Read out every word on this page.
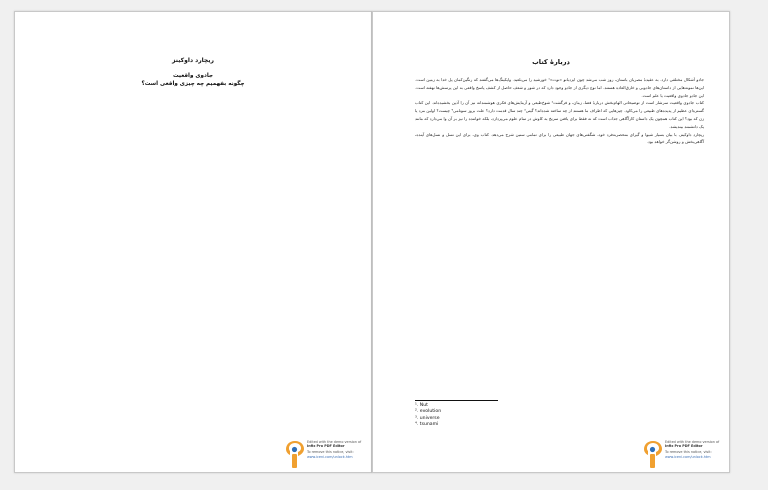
ریچارد داوکینز
جادوی واقعیت
چگونه بفهمیم چه چیزی واقعی است؟
Edited with the demo version of
Infix Pro PDF Editor
To remove this notice, visit:
www.iceni.com/unlock.htm
دربارهٔ کتاب

جادو اَشکال مختلفی دارد. به عقیدهٔ مصریان باستان، روز شب می‌شد چون ایزدبانو «نوت»¹ خورشید را می‌بلعید. وایکینگ‌ها می‌گفتند که رنگین‌کمان پل خدا به زمین است. این‌ها نمونه‌هایی از داستان‌های جادویی و خارق‌العاده هستند. اما نوع دیگری از جادو وجود دارد که در شور و شعف حاصل از کشف پاسخ واقعی به این پرسش‌ها نهفته است. این جادو جادوی واقعیت یا علم است.

کتاب جادوی واقعیت سرشار است از توضیحاتی الهام‌بخش دربارهٔ فضا، زمان، و فرگشت² شوخ‌طبعی و آزمایش‌های فکری هوشمندانه نیز آن را آذین بخشیده‌اند. این کتاب گستره‌ای عظیم از پدیده‌های طبیعی را می‌کاود. چیزهایی که اطراف ما هستند از چه ساخته شده‌اند؟ گیتی³ چند سال قدمت دارد؟ علت بروز سونامی⁴ چیست؟ اولین مرد یا زن که بود؟ این کتاب همچون یک داستان کارآگاهی جذاب است که نه فقط برای یافتن سرنخ به کاوش در تمام علوم می‌پردازد، بلکه خواننده را نیز بر آن وا می‌دارد که مانند یک دانشمند بیندیشد.

ریچارد داوکینز، با بیان بسیار شیوا و گیرای منحصربه‌فرد خود، شگفتی‌های جهان طبیعی را برای تمامی سنین شرح می‌دهد. کتاب وی، برای این نسل و نسل‌های آینده، آگاهی‌بخش و روشن‌گر خواهد بود.

¹. Nut
². evolution
³. universe
⁴. tsunami
Edited with the demo version of
Infix Pro PDF Editor
To remove this notice, visit:
www.iceni.com/unlock.htm
